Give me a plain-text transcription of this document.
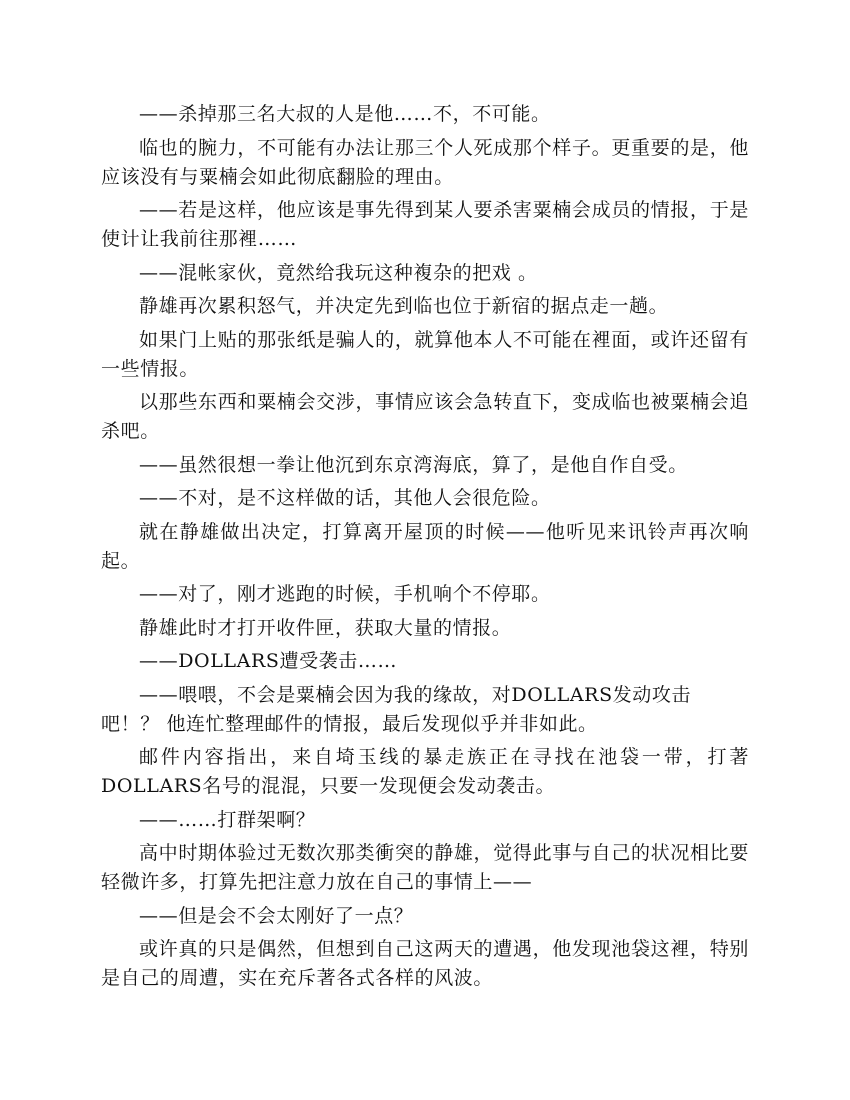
——杀掉那三名大叔的人是他……不，不可能。

临也的腕力，不可能有办法让那三个人死成那个样子。更重要的是，他应该没有与粟楠会如此彻底翻脸的理由。

——若是这样，他应该是事先得到某人要杀害粟楠会成员的情报，于是使计让我前往那裡……

——混帐家伙，竟然给我玩这种複杂的把戏 。

静雄再次累积怒气，并决定先到临也位于新宿的据点走一趟。

如果门上贴的那张纸是骗人的，就算他本人不可能在裡面，或许还留有一些情报。

以那些东西和粟楠会交涉，事情应该会急转直下，变成临也被粟楠会追杀吧。

——虽然很想一拳让他沉到东京湾海底，算了，是他自作自受。

——不对，是不这样做的话，其他人会很危险。

就在静雄做出决定，打算离开屋顶的时候——他听见来讯铃声再次响起。

——对了，刚才逃跑的时候，手机响个不停耶。

静雄此时才打开收件匣，获取大量的情报。

——DOLLARS遭受袭击……

——喂喂，不会是粟楠会因为我的缘故，对DOLLARS发动攻击吧！？ 他连忙整理邮件的情报，最后发现似乎并非如此。

邮件内容指出，来自埼玉线的暴走族正在寻找在池袋一带，打著DOLLARS名号的混混，只要一发现便会发动袭击。

——……打群架啊？

高中时期体验过无数次那类衝突的静雄，觉得此事与自己的状况相比要轻微许多，打算先把注意力放在自己的事情上——

——但是会不会太刚好了一点？

或许真的只是偶然，但想到自己这两天的遭遇，他发现池袋这裡，特别是自己的周遭，实在充斥著各式各样的风波。
